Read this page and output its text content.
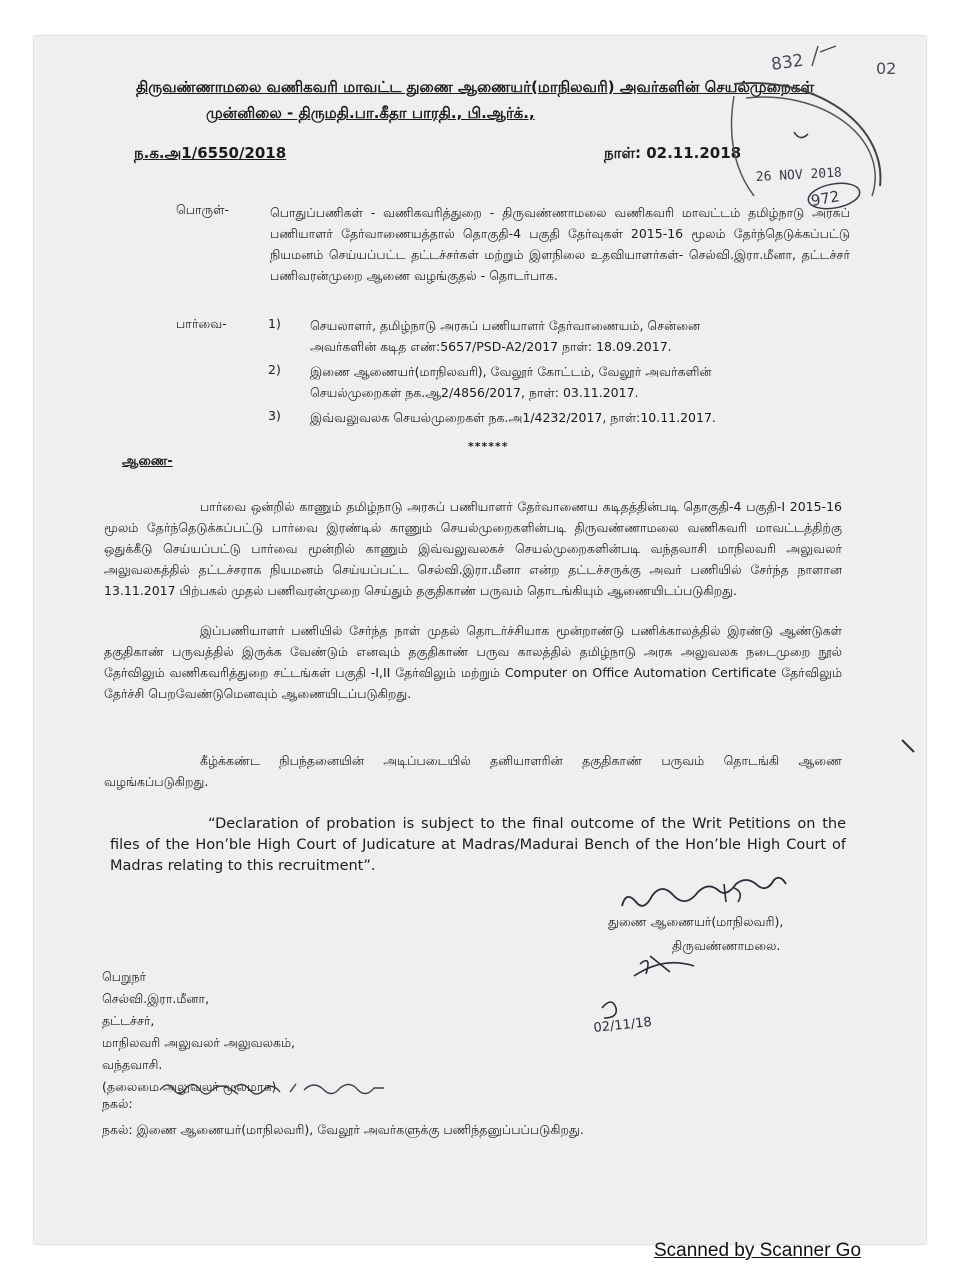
திருவண்ணாமலை வணிகவரி மாவட்ட துணை ஆணையர்(மாநிலவரி) அவர்களின் செயல்முறைகள்
முன்னிலை - திருமதி.பா.கீதா பாரதி., பி.ஆர்க்.,
ந.க.அ1/6550/2018	நாள்: 02.11.2018
பொருள்-	பொதுப்பணிகள் - வணிகவரித்துறை - திருவண்ணாமலை வணிகவரி மாவட்டம் தமிழ்நாடு அரசுப் பணியாளர் தேர்வாணையத்தால் தொகுதி-4 பகுதி தேர்வுகள் 2015-16 மூலம் தேர்ந்தெடுக்கப்பட்டு நியமனம் செய்யப்பட்ட தட்டச்சர்கள் மற்றும் இளநிலை உதவியாளர்கள்- செல்வி.இரா.மீனா, தட்டச்சர் பணிவரன்முறை ஆணை வழங்குதல் - தொடர்பாக.
பார்வை-	1) செயலாளர், தமிழ்நாடு அரசுப் பணியாளர் தேர்வாணையம், சென்னை
அவர்களின் கடித எண்:5657/PSD-A2/2017 நாள்: 18.09.2017.
2) இணை ஆணையர்(மாநிலவரி), வேலூர் கோட்டம், வேலூர் அவர்களின்
செயல்முறைகள் நக.ஆ2/4856/2017, நாள்: 03.11.2017.
3) இவ்வலுவலக செயல்முறைகள் நக.அ1/4232/2017, நாள்:10.11.2017.
******
ஆணை-
பார்வை ஒன்றில் காணும் தமிழ்நாடு அரசுப் பணியாளர் தேர்வாணைய கடிதத்தின்படி தொகுதி-4 பகுதி-I 2015-16 மூலம் தேர்ந்தெடுக்கப்பட்டு பார்வை இரண்டில் காணும் செயல்முறைகளின்படி திருவண்ணாமலை வணிகவரி மாவட்டத்திற்கு ஒதுக்கீடு செய்யப்பட்டு பார்வை மூன்றில் காணும் இவ்வலுவலகச் செயல்முறைகளின்படி வந்தவாசி மாநிலவரி அலுவலர் அலுவலகத்தில் தட்டச்சராக நியமனம் செய்யப்பட்ட செல்வி.இரா.மீனா என்ற தட்டச்சருக்கு அவர் பணியில் சேர்ந்த நாளான 13.11.2017 பிற்பகல் முதல் பணிவரன்முறை செய்தும் தகுதிகாண் பருவம் தொடங்கியும் ஆணையிடப்படுகிறது.
இப்பணியாளர் பணியில் சேர்ந்த நாள் முதல் தொடர்ச்சியாக மூன்றாண்டு பணிக்காலத்தில் இரண்டு ஆண்டுகள் தகுதிகாண் பருவத்தில் இருக்க வேண்டும் எனவும் தகுதிகாண் பருவ காலத்தில் தமிழ்நாடு அரசு அலுவலக நடைமுறை நூல் தேர்விலும் வணிகவரித்துறை சட்டங்கள் பகுதி -I,II தேர்விலும் மற்றும் Computer on Office Automation Certificate தேர்விலும் தேர்ச்சி பெறவேண்டுமெனவும் ஆணையிடப்படுகிறது.
கீழ்க்கண்ட நிபந்தனையின் அடிப்படையில் தனியாளரின் தகுதிகாண் பருவம் தொடங்கி ஆணை வழங்கப்படுகிறது.
“Declaration of probation is subject to the final outcome of the Writ Petitions on the files of the Hon’ble High Court of Judicature at Madras/Madurai Bench of the Hon’ble High Court of Madras relating to this recruitment”.
துணை ஆணையர்(மாநிலவரி),
திருவண்ணாமலை.
பெறுநர்
செல்வி.இரா.மீனா,
தட்டச்சர்,
மாநிலவரி அலுவலர் அலுவலகம்,
வந்தவாசி.
(தலைமை அலுவலர் மூலமாக)
நகல்:
நகல்: இணை ஆணையர்(மாநிலவரி), வேலூர் அவர்களுக்கு பணிந்தனுப்பப்படுகிறது.
26 NOV 2018
972
832	02
02/11/18
Scanned by Scanner Go
